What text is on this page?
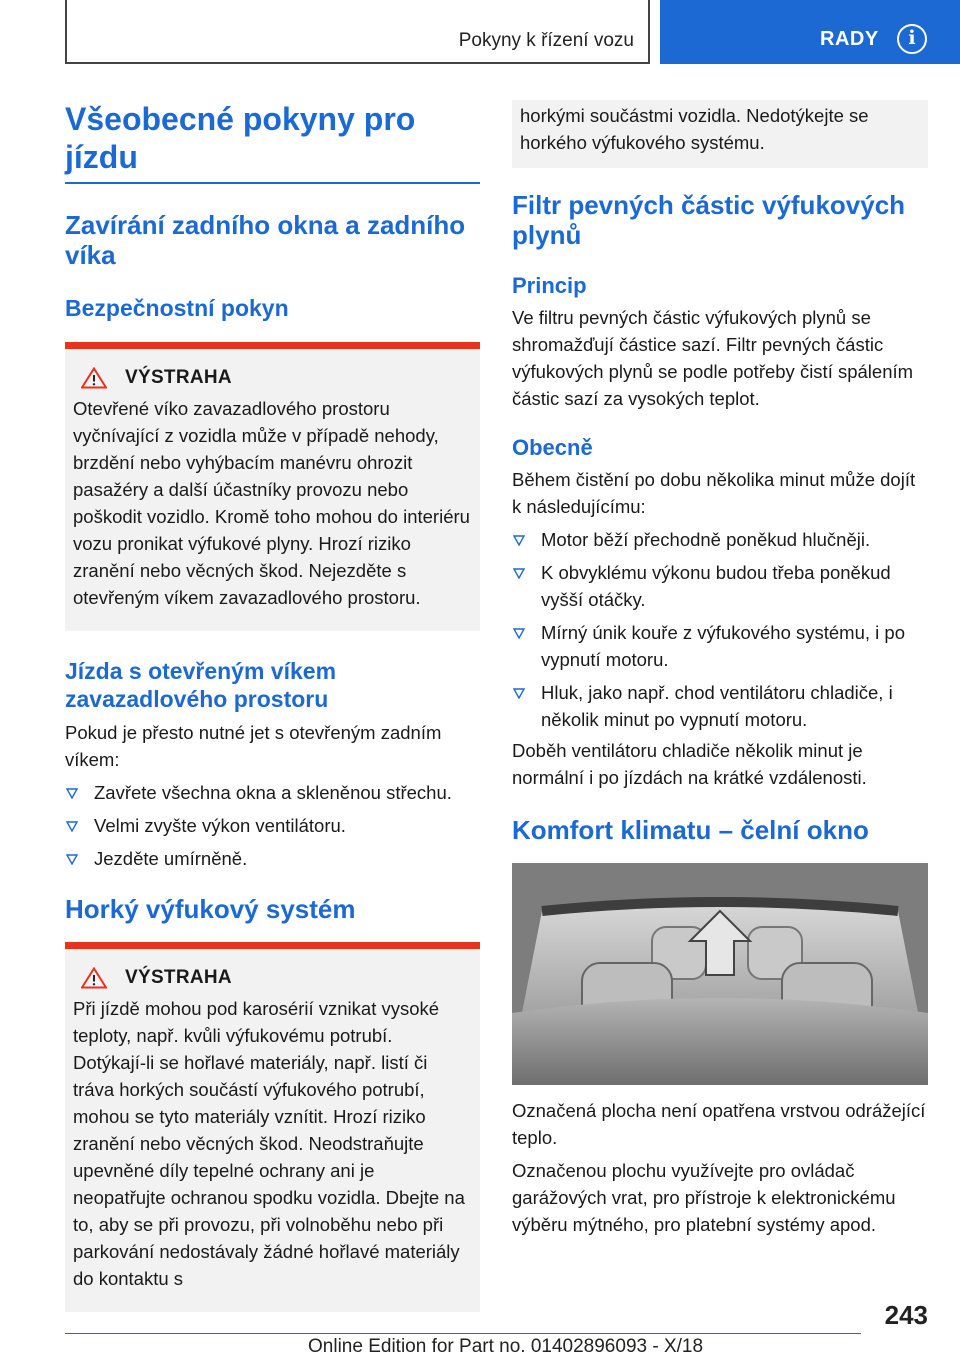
Pokyny k řízení vozu	RADY	i
Všeobecné pokyny pro jízdu
Zavírání zadního okna a zadního víka
Bezpečnostní pokyn
VÝSTRAHA

Otevřené víko zavazadlového prostoru vyčnívající z vozidla může v případě nehody, brzdění nebo vyhýbacím manévru ohrozit pasažéry a další účastníky provozu nebo poškodit vozidlo. Kromě toho mohou do interiéru vozu pronikat výfukové plyny. Hrozí riziko zranění nebo věcných škod. Nejezděte s otevřeným víkem zavazadlového prostoru.

Jízda s otevřeným víkem zavazadlového prostoru

Pokud je přesto nutné jet s otevřeným zadním víkem:

Zavřete všechna okna a skleněnou střechu.
Velmi zvyšte výkon ventilátoru.
Jezděte umírněně.
Horký výfukový systém
VÝSTRAHA

Při jízdě mohou pod karosérií vznikat vysoké teploty, např. kvůli výfukovému potrubí. Dotýkají-li se hořlavé materiály, např. listí či tráva horkých součástí výfukového potrubí, mohou se tyto materiály vznítit. Hrozí riziko zranění nebo věcných škod. Neodstraňujte upevněné díly tepelné ochrany ani je neopatřujte ochranou spodku vozidla. Dbejte na to, aby se při provozu, při volnoběhu nebo při parkování nedostávaly žádné hořlavé materiály do kontaktu s

horkými součástmi vozidla. Nedotýkejte se horkého výfukového systému.

Filtr pevných částic výfukových plynů
Princip

Ve filtru pevných částic výfukových plynů se shromažďují částice sazí. Filtr pevných částic výfukových plynů se podle potřeby čistí spálením částic sazí za vysokých teplot.

Obecně

Během čistění po dobu několika minut může dojít k následujícímu:

Motor běží přechodně poněkud hlučněji.
K obvyklému výkonu budou třeba poněkud vyšší otáčky.
Mírný únik kouře z výfukového systému, i po vypnutí motoru.
Hluk, jako např. chod ventilátoru chladiče, i několik minut po vypnutí motoru.

Doběh ventilátoru chladiče několik minut je normální i po jízdách na krátké vzdálenosti.

Komfort klimatu – čelní okno

Označená plocha není opatřena vrstvou odrážející teplo.

Označenou plochu využívejte pro ovládač garážových vrat, pro přístroje k elektronickému výběru mýtného, pro platební systémy apod.

243
Online Edition for Part no. 01402896093 - X/18
